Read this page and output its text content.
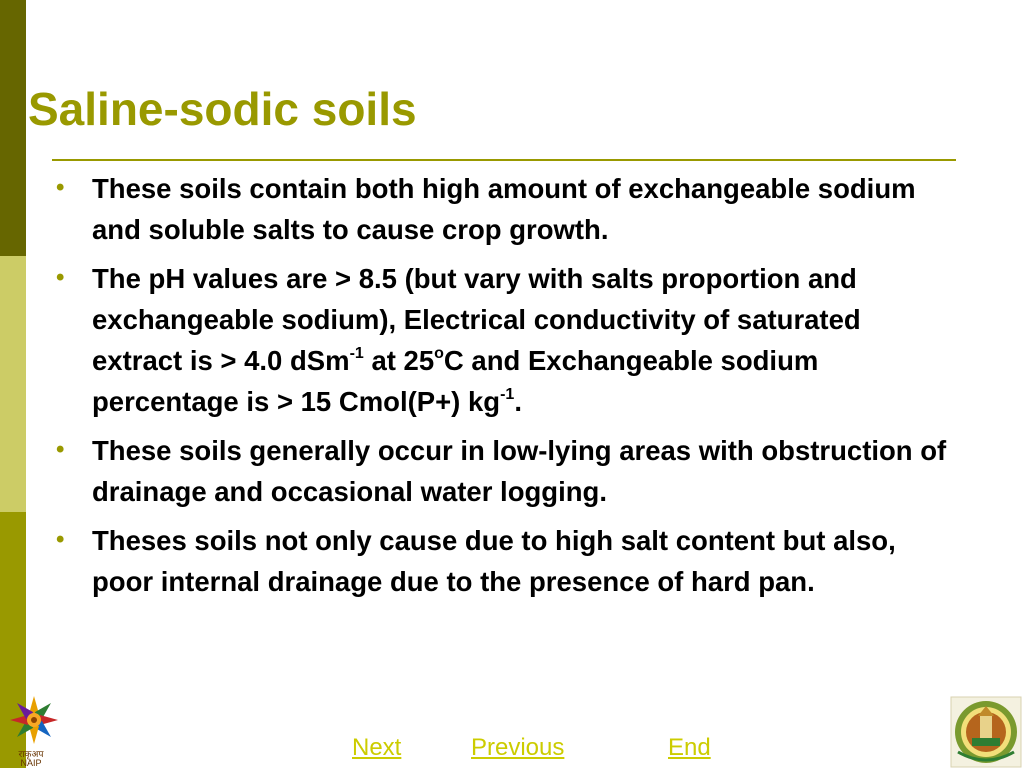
Saline-sodic soils
• These soils contain both high amount of exchangeable sodium and soluble salts to cause crop growth.
• The pH values are > 8.5 (but vary with salts proportion and exchangeable sodium), Electrical conductivity of saturated extract is > 4.0 dSm$^{-1}$ at 25$^o$C and Exchangeable sodium percentage is > 15 Cmol(P+) $kg^{-1}$.
• These soils generally occur in low-lying areas with obstruction of drainage and occasional water logging.
• Theses soils not only cause due to high salt content but also, poor internal drainage due to the presence of hard pan.
Next	Previous	End
राकृअप
NAIP
